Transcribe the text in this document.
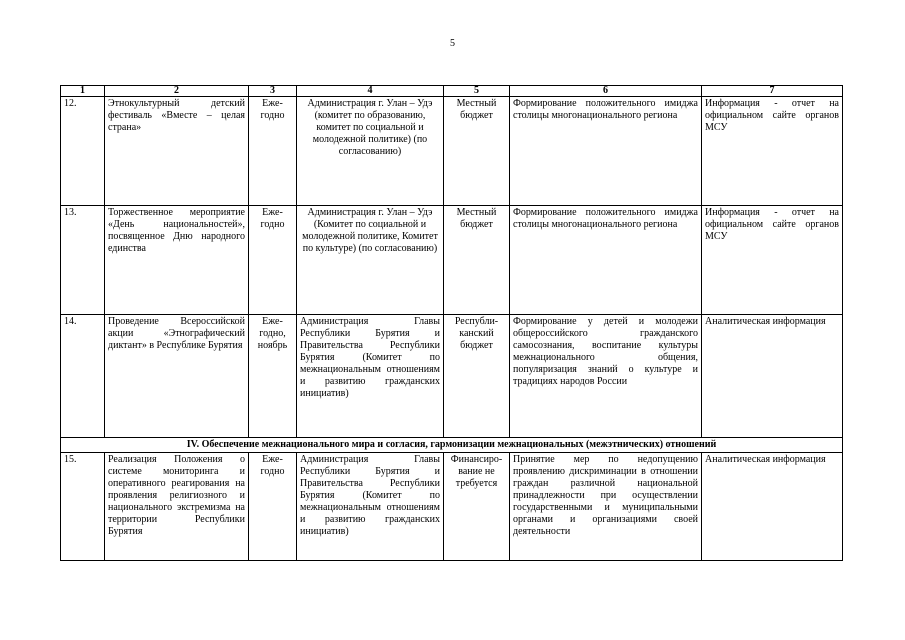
5
1	2	3	4	5	6	7
12.	Этнокультурный детский фестиваль «Вместе – целая страна»	Еже-годно	Администрация г. Улан – Удэ (комитет по образованию, комитет по социальной и молодежной политике) (по согласованию)	Местный бюджет	Формирование положительного имиджа столицы многонационального региона	Информация - отчет на официальном сайте органов МСУ
13.	Торжественное мероприятие «День национальностей», посвященное Дню народного единства	Еже-годно	Администрация г. Улан – Удэ (Комитет по социальной и молодежной политике, Комитет по культуре) (по согласованию)	Местный бюджет	Формирование положительного имиджа столицы многонационального региона	Информация - отчет на официальном сайте органов МСУ
14.	Проведение Всероссийской акции «Этнографический диктант» в Республике Бурятия	Еже-годно, ноябрь	Администрация Главы Республики Бурятия и Правительства Республики Бурятия (Комитет по межнациональным отношениям и развитию гражданских инициатив)	Республи-канский бюджет	Формирование у детей и молодежи общероссийского гражданского самосознания, воспитание культуры межнационального общения, популяризация знаний о культуре и традициях народов России	Аналитическая информация
IV. Обеспечение межнационального мира и согласия, гармонизации межнациональных (межэтнических) отношений						
15.	Реализация Положения о системе мониторинга и оперативного реагирования на проявления религиозного и национального экстремизма на территории Республики Бурятия	Еже-годно	Администрация Главы Республики Бурятия и Правительства Республики Бурятия (Комитет по межнациональным отношениям и развитию гражданских инициатив)	Финансиро-вание не требуется	Принятие мер по недопущению проявлению дискриминации в отношении граждан различной национальной принадлежности при осуществлении государственными и муниципальными органами и организациями своей деятельности	Аналитическая информация
